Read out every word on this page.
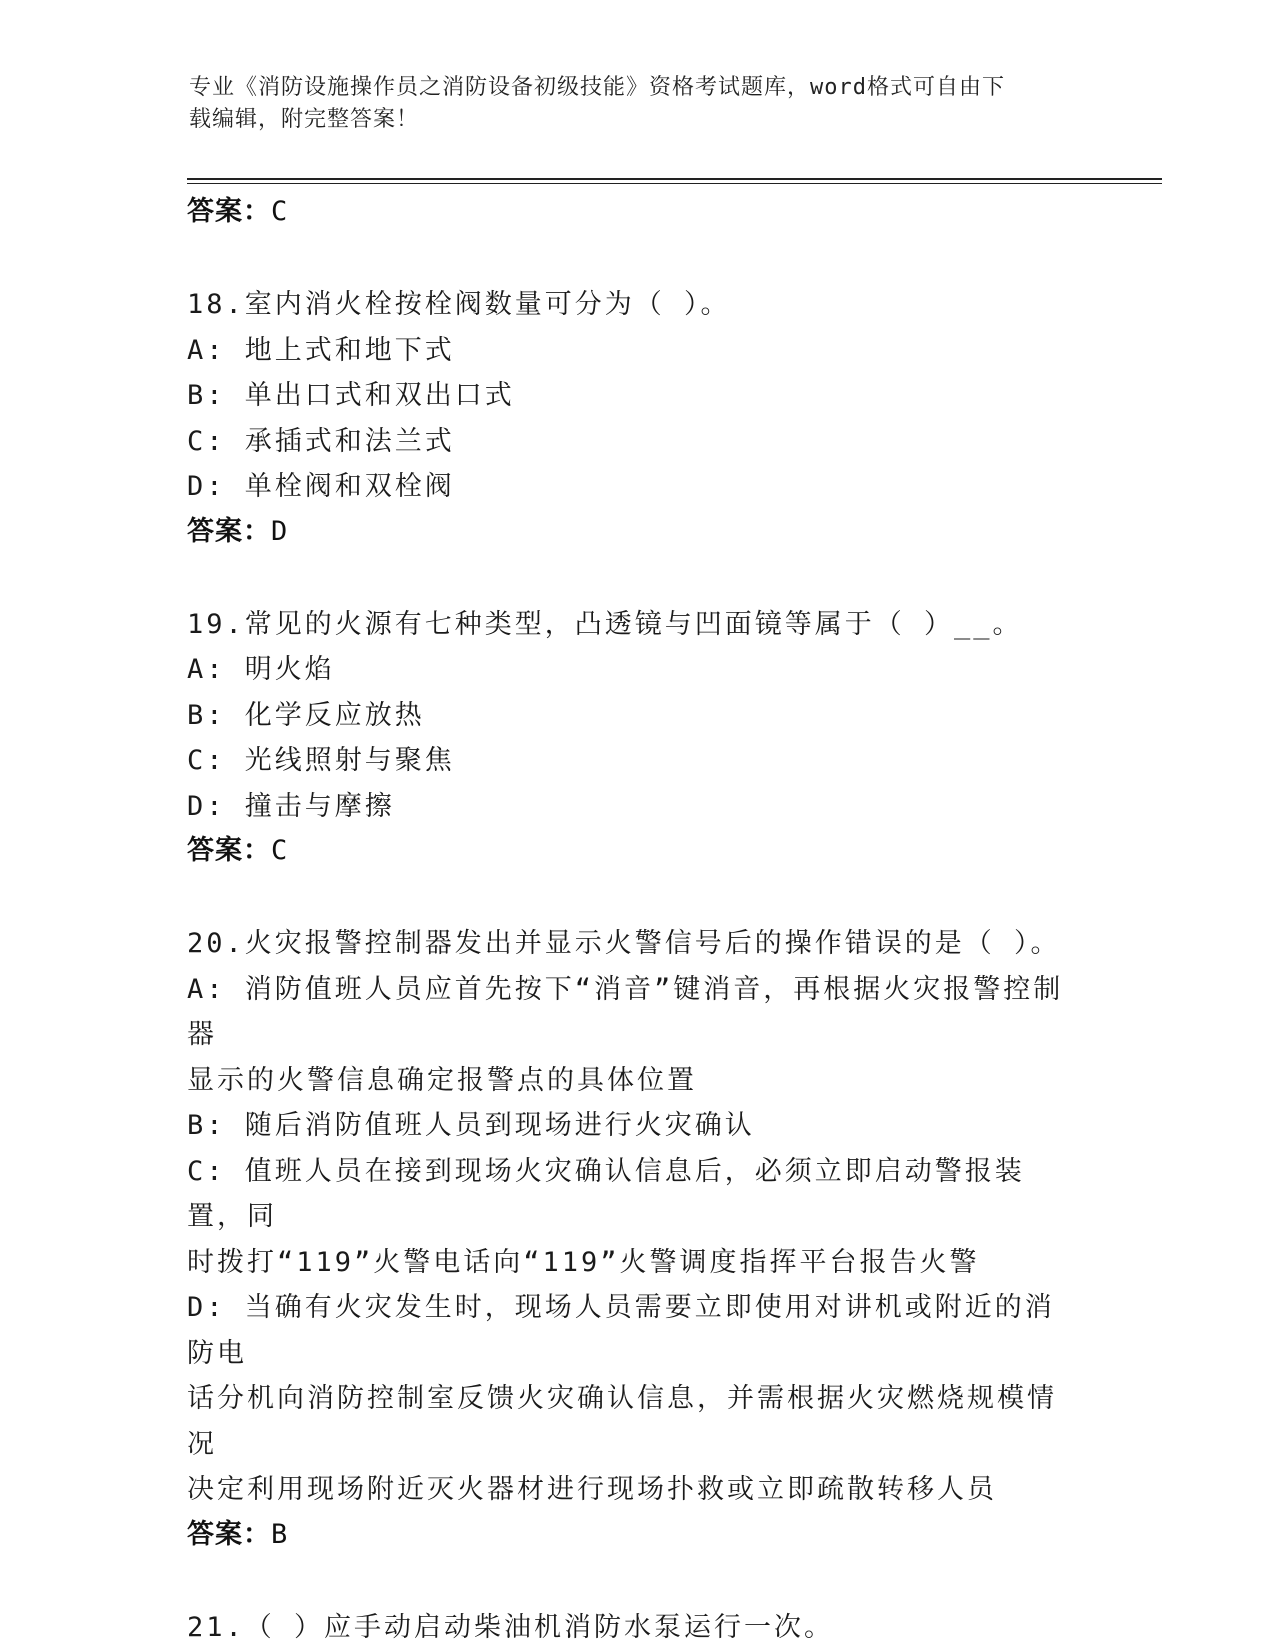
专业《消防设施操作员之消防设备初级技能》资格考试题库，word格式可自由下
载编辑，附完整答案！
答案：C
18.室内消火栓按栓阀数量可分为（ ）。
A: 地上式和地下式
B: 单出口式和双出口式
C: 承插式和法兰式
D: 单栓阀和双栓阀
答案：D
19.常见的火源有七种类型，凸透镜与凹面镜等属于（ ）__。
A: 明火焰
B: 化学反应放热
C: 光线照射与聚焦
D: 撞击与摩擦
答案：C
20.火灾报警控制器发出并显示火警信号后的操作错误的是（ ）。
A: 消防值班人员应首先按下“消音”键消音，再根据火灾报警控制器
显示的火警信息确定报警点的具体位置
B: 随后消防值班人员到现场进行火灾确认
C: 值班人员在接到现场火灾确认信息后，必须立即启动警报装置，同
时拨打“119”火警电话向“119”火警调度指挥平台报告火警
D: 当确有火灾发生时，现场人员需要立即使用对讲机或附近的消防电
话分机向消防控制室反馈火灾确认信息，并需根据火灾燃烧规模情况
决定利用现场附近灭火器材进行现场扑救或立即疏散转移人员
答案：B
21.（ ）应手动启动柴油机消防水泵运行一次。
